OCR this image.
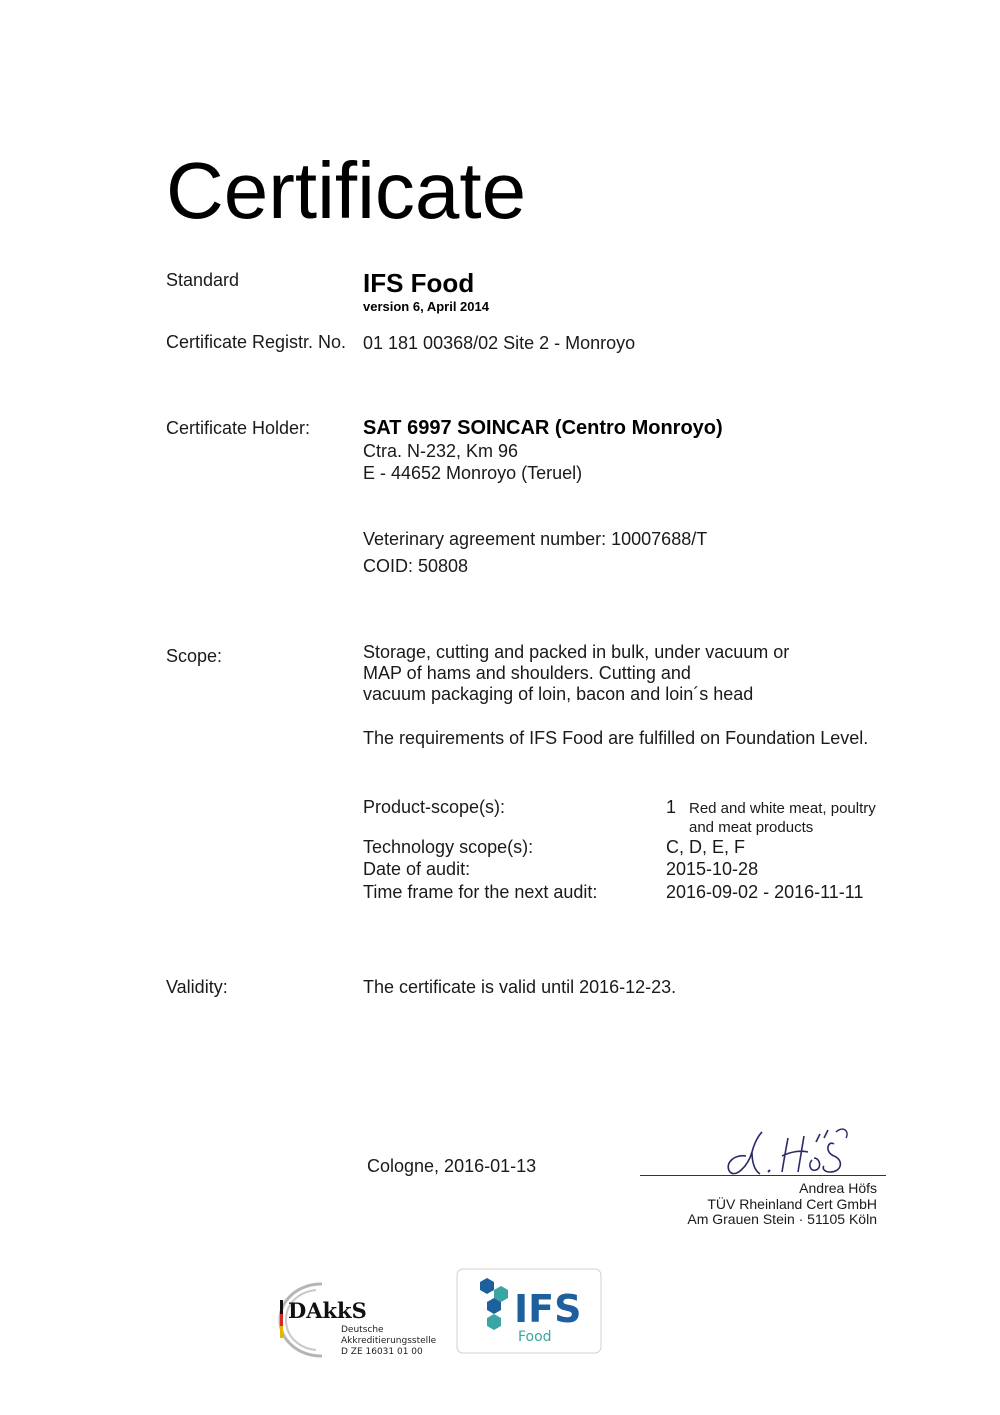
Certificate
Standard	IFS Food
version 6, April 2014
Certificate Registr. No. 01 181 00368/02 Site 2 - Monroyo
Certificate Holder:	SAT 6997 SOINCAR (Centro Monroyo)
Ctra. N-232, Km 96
E - 44652 Monroyo (Teruel)
Veterinary agreement number: 10007688/T
COID: 50808
Scope:	Storage, cutting and packed in bulk, under vacuum or
MAP of hams and shoulders. Cutting and
vacuum packaging of loin, bacon and loin´s head
The requirements of IFS Food are fulfilled on Foundation Level.
Product-scope(s):	1 Red and white meat, poultry
and meat products
Technology scope(s):	C, D, E, F
Date of audit:	2015-10-28
Time frame for the next audit:	2016-09-02 - 2016-11-11
Validity:	The certificate is valid until 2016-12-23.
Cologne, 2016-01-13
Andrea Höfs
TÜV Rheinland Cert GmbH
Am Grauen Stein · 51105 Köln
DAkkS
Deutsche
Akkreditierungsstelle
D ZE 16031 01 00
IFS
Food
